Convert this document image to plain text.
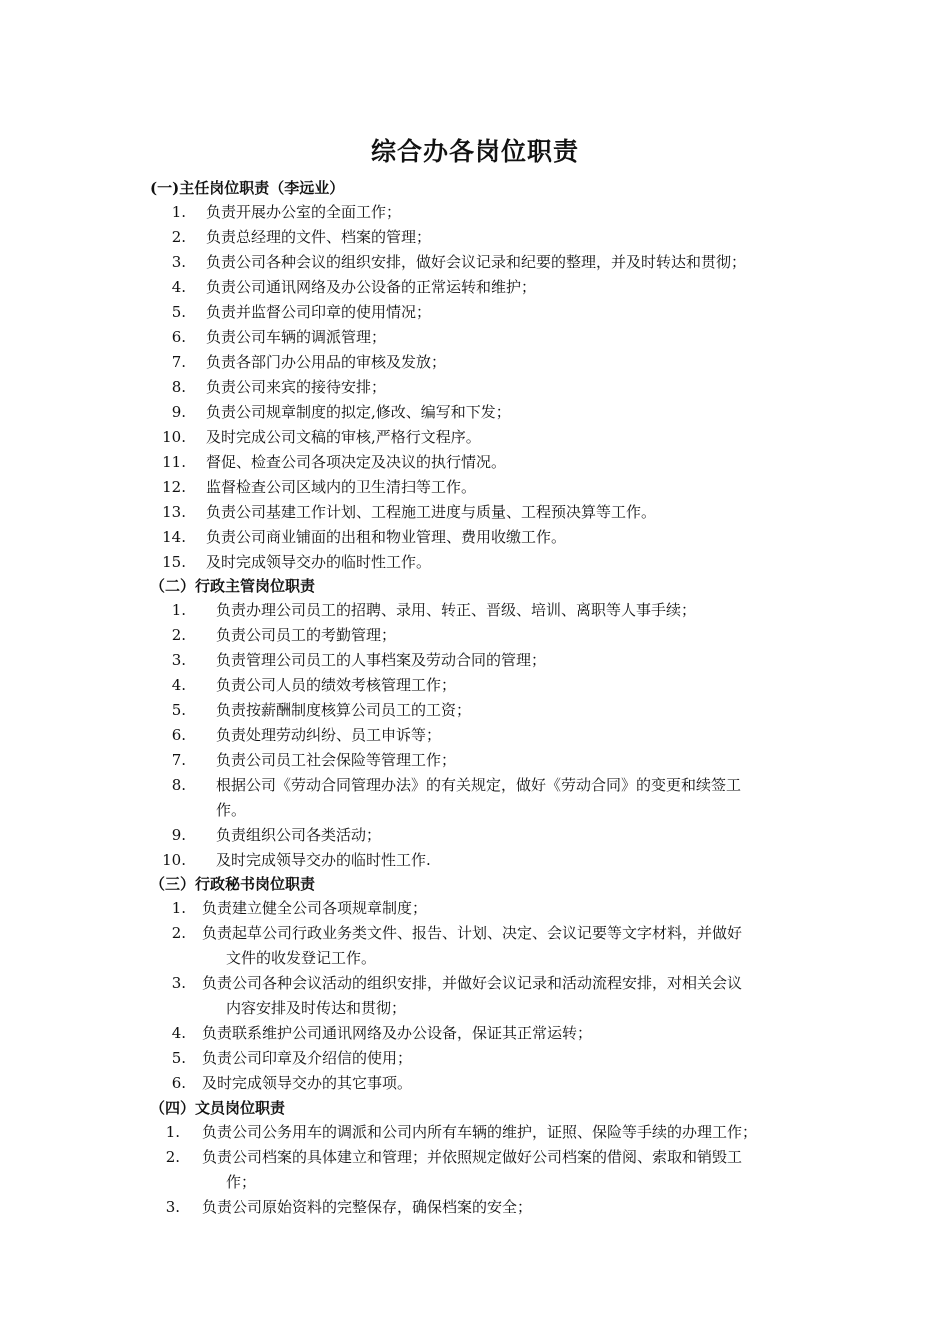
综合办各岗位职责
(一)主任岗位职责（李远业）
1. 负责开展办公室的全面工作；
2. 负责总经理的文件、档案的管理；
3. 负责公司各种会议的组织安排，做好会议记录和纪要的整理，并及时转达和贯彻；
4. 负责公司通讯网络及办公设备的正常运转和维护；
5. 负责并监督公司印章的使用情况；
6. 负责公司车辆的调派管理；
7. 负责各部门办公用品的审核及发放；
8. 负责公司来宾的接待安排；
9. 负责公司规章制度的拟定,修改、编写和下发；
10. 及时完成公司文稿的审核,严格行文程序。
11. 督促、检查公司各项决定及决议的执行情况。
12. 监督检查公司区域内的卫生清扫等工作。
13. 负责公司基建工作计划、工程施工进度与质量、工程预决算等工作。
14. 负责公司商业铺面的出租和物业管理、费用收缴工作。
15. 及时完成领导交办的临时性工作。
（二）行政主管岗位职责
1. 负责办理公司员工的招聘、录用、转正、晋级、培训、离职等人事手续；
2. 负责公司员工的考勤管理；
3. 负责管理公司员工的人事档案及劳动合同的管理；
4. 负责公司人员的绩效考核管理工作；
5. 负责按薪酬制度核算公司员工的工资；
6. 负责处理劳动纠纷、员工申诉等；
7. 负责公司员工社会保险等管理工作；
8. 根据公司《劳动合同管理办法》的有关规定，做好《劳动合同》的变更和续签工
作。
9. 负责组织公司各类活动；
10. 及时完成领导交办的临时性工作.
（三）行政秘书岗位职责
1. 负责建立健全公司各项规章制度；
2. 负责起草公司行政业务类文件、报告、计划、决定、会议记要等文字材料，并做好
文件的收发登记工作。
3. 负责公司各种会议活动的组织安排，并做好会议记录和活动流程安排，对相关会议
内容安排及时传达和贯彻；
4. 负责联系维护公司通讯网络及办公设备，保证其正常运转；
5. 负责公司印章及介绍信的使用；
6. 及时完成领导交办的其它事项。
（四）文员岗位职责
1. 负责公司公务用车的调派和公司内所有车辆的维护，证照、保险等手续的办理工作；
2. 负责公司档案的具体建立和管理；并依照规定做好公司档案的借阅、索取和销毁工
作；
3. 负责公司原始资料的完整保存，确保档案的安全；
